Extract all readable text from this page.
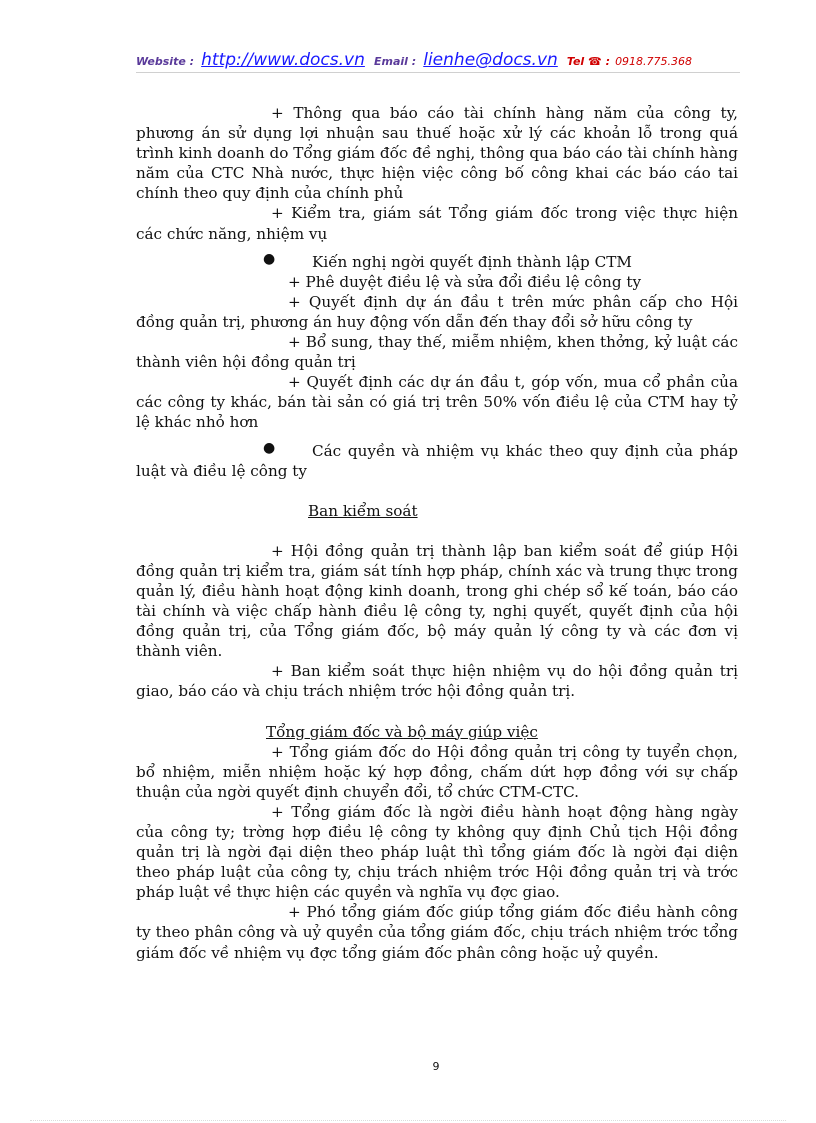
Website : http://www.docs.vn Email : lienhe@docs.vn Tel ☎ : 0918.775.368

+ Thông qua báo cáo tài chính hàng năm của công ty, phương án sử dụng lợi nhuận sau thuế hoặc xử lý các khoản lỗ trong quá trình kinh doanh do Tổng giám đốc đề nghị, thông qua báo cáo tài chính hàng năm của CTC Nhà nước, thực hiện việc công bố công khai các báo cáo tai chính theo quy định của chính phủ

+ Kiểm tra, giám sát Tổng giám đốc trong việc thực hiện các chức năng, nhiệm vụ

● Kiến nghị ngời quyết định thành lập CTM

+ Phê duyệt điều lệ và sửa đổi điều lệ công ty

+ Quyết định dự án đầu t trên mức phân cấp cho Hội đồng quản trị, phương án huy động vốn dẫn đến thay đổi sở hữu công ty

+ Bổ sung, thay thế, miễm nhiệm, khen thởng, kỷ luật các thành viên hội đồng quản trị

+ Quyết định các dự án đầu t, góp vốn, mua cổ phần của các công ty khác, bán tài sản có giá trị trên 50% vốn điều lệ của CTM hay tỷ lệ khác nhỏ hơn

● Các quyền và nhiệm vụ khác theo quy định của pháp luật và điều lệ công ty

Ban kiểm soát

+ Hội đồng quản trị thành lập ban kiểm soát để giúp Hội đồng quản trị kiểm tra, giám sát tính hợp pháp, chính xác và trung thực trong quản lý, điều hành hoạt động kinh doanh, trong ghi chép sổ kế toán, báo cáo tài chính và việc chấp hành điều lệ công ty, nghị quyết, quyết định của hội đồng quản trị, của Tổng giám đốc, bộ máy quản lý công ty và các đơn vị thành viên.

+ Ban kiểm soát thực hiện nhiệm vụ do hội đồng quản trị giao, báo cáo và chịu trách nhiệm trớc hội đồng quản trị.

Tổng giám đốc và bộ máy giúp việc

+ Tổng giám đốc do Hội đồng quản trị công ty tuyển chọn, bổ nhiệm, miễn nhiệm hoặc ký hợp đồng, chấm dứt hợp đồng với sự chấp thuận của ngời quyết định chuyển đổi, tổ chức CTM-CTC.

+ Tổng giám đốc là ngời điều hành hoạt động hàng ngày của công ty; trờng hợp điều lệ công ty không quy định Chủ tịch Hội đồng quản trị là ngời đại diện theo pháp luật thì tổng giám đốc là ngời đại diện theo pháp luật của công ty, chịu trách nhiệm trớc Hội đồng quản trị và trớc pháp luật về thực hiện các quyền và nghĩa vụ đợc giao.

+ Phó tổng giám đốc giúp tổng giám đốc điều hành công ty theo phân công và uỷ quyền của tổng giám đốc, chịu trách nhiệm trớc tổng giám đốc về nhiệm vụ đợc tổng giám đốc phân công hoặc uỷ quyền.

9
